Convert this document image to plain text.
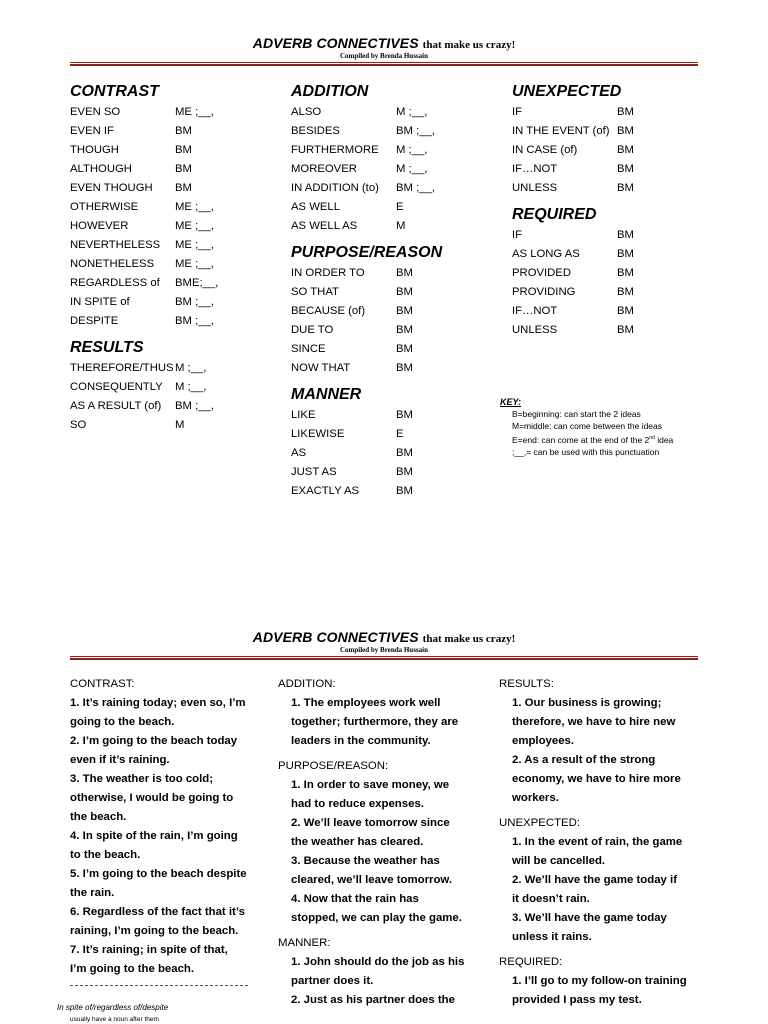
ADVERB CONNECTIVES that make us crazy!
Compiled by Brenda Hussain
CONTRAST
EVEN SO	ME ;__,
EVEN IF	BM
THOUGH	BM
ALTHOUGH	BM
EVEN THOUGH BM
OTHERWISE	ME ;__,
HOWEVER	ME ;__,
NEVERTHELESS ME ;__,
NONETHELESS ME ;__,
REGARDLESS of BME;__,
IN SPITE of	BM ;__,
DESPITE	BM ;__,
RESULTS
THEREFORE/THUS M ;__,
CONSEQUENTLY M ;__,
AS A RESULT (of) BM ;__,
SO	M
ADDITION
ALSO	M ;__,
BESIDES	BM ;__,
FURTHERMORE M ;__,
MOREOVER	M ;__,
IN ADDITION (to) BM ;__,
AS WELL	E
AS WELL AS	M
PURPOSE/REASON
IN ORDER TO	BM
SO THAT	BM
BECAUSE (of)	BM
DUE TO	BM
SINCE	BM
NOW THAT	BM
MANNER
LIKE	BM
LIKEWISE	E
AS	BM
JUST AS	BM
EXACTLY AS	BM
UNEXPECTED
IF	BM
IN THE EVENT (of) BM
IN CASE (of)	BM
IF…NOT	BM
UNLESS	BM
REQUIRED
IF	BM
AS LONG AS	BM
PROVIDED	BM
PROVIDING	BM
IF…NOT	BM
UNLESS	BM
KEY:
B=beginning: can start the 2 ideas
M=middle: can come between the ideas
E=end: can come at the end of the 2nd idea
;__,= can be used with this punctuation
ADVERB CONNECTIVES that make us crazy!
Compiled by Brenda Hussain
CONTRAST:
1. It’s raining today; even so, I’m
going to the beach.
2. I’m going to the beach today
even if it’s raining.
3. The weather is too cold;
otherwise, I would be going to
the beach.
4. In spite of the rain, I’m going
to the beach.
5. I’m going to the beach despite
the rain.
6. Regardless of the fact that it’s
raining, I’m going to the beach.
7. It’s raining; in spite of that,
I’m going to the beach.
ADDITION:
1. The employees work well
together; furthermore, they are
leaders in the community.
PURPOSE/REASON:
1. In order to save money, we
had to reduce expenses.
2. We’ll leave tomorrow since
the weather has cleared.
3. Because the weather has
cleared, we’ll leave tomorrow.
4. Now that the rain has
stopped, we can play the game.
MANNER:
1. John should do the job as his
partner does it.
2. Just as his partner does the
RESULTS:
1. Our business is growing;
therefore, we have to hire new
employees.
2. As a result of the strong
economy, we have to hire more
workers.
UNEXPECTED:
1. In the event of rain, the game
will be cancelled.
2. We’ll have the game today if
it doesn’t rain.
3. We’ll have the game today
unless it rains.
REQUIRED:
1. I’ll go to my follow-on training
provided I pass my test.
In spite of/regardless of/despite
usually have a noun after them
